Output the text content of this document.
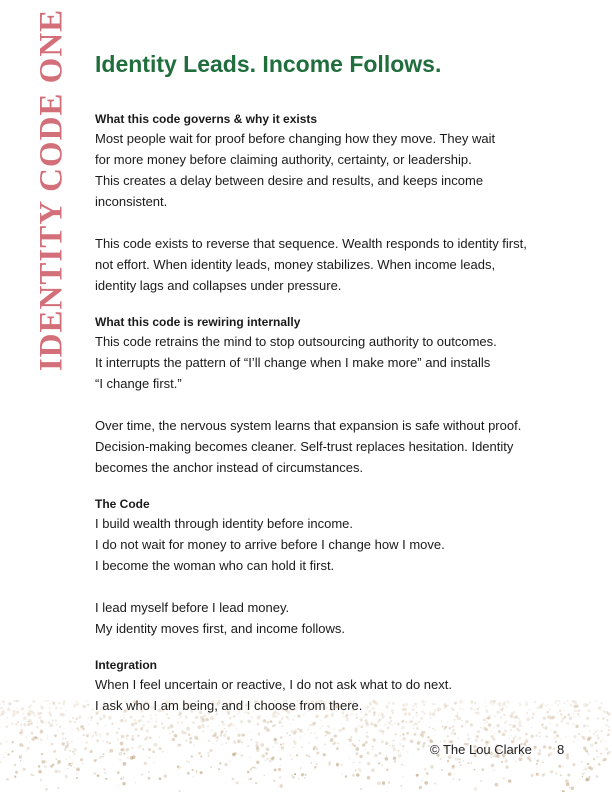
IDENTITY CODE ONE Identity Leads. Income Follows.
What this code governs & why it exists

Most people wait for proof before changing how they move. They wait
for more money before claiming authority, certainty, or leadership.
This creates a delay between desire and results, and keeps income
inconsistent.

This code exists to reverse that sequence. Wealth responds to identity first,
not effort. When identity leads, money stabilizes. When income leads,
identity lags and collapses under pressure.

What this code is rewiring internally

This code retrains the mind to stop outsourcing authority to outcomes.
It interrupts the pattern of “I’ll change when I make more” and installs
“I change first.”

Over time, the nervous system learns that expansion is safe without proof.
Decision-making becomes cleaner. Self-trust replaces hesitation. Identity
becomes the anchor instead of circumstances.

The Code

I build wealth through identity before income.
I do not wait for money to arrive before I change how I move.
I become the woman who can hold it first.

I lead myself before I lead money.
My identity moves first, and income follows.

Integration

When I feel uncertain or reactive, I do not ask what to do next.
I ask who I am being, and I choose from there.

© The Lou Clarke 8
